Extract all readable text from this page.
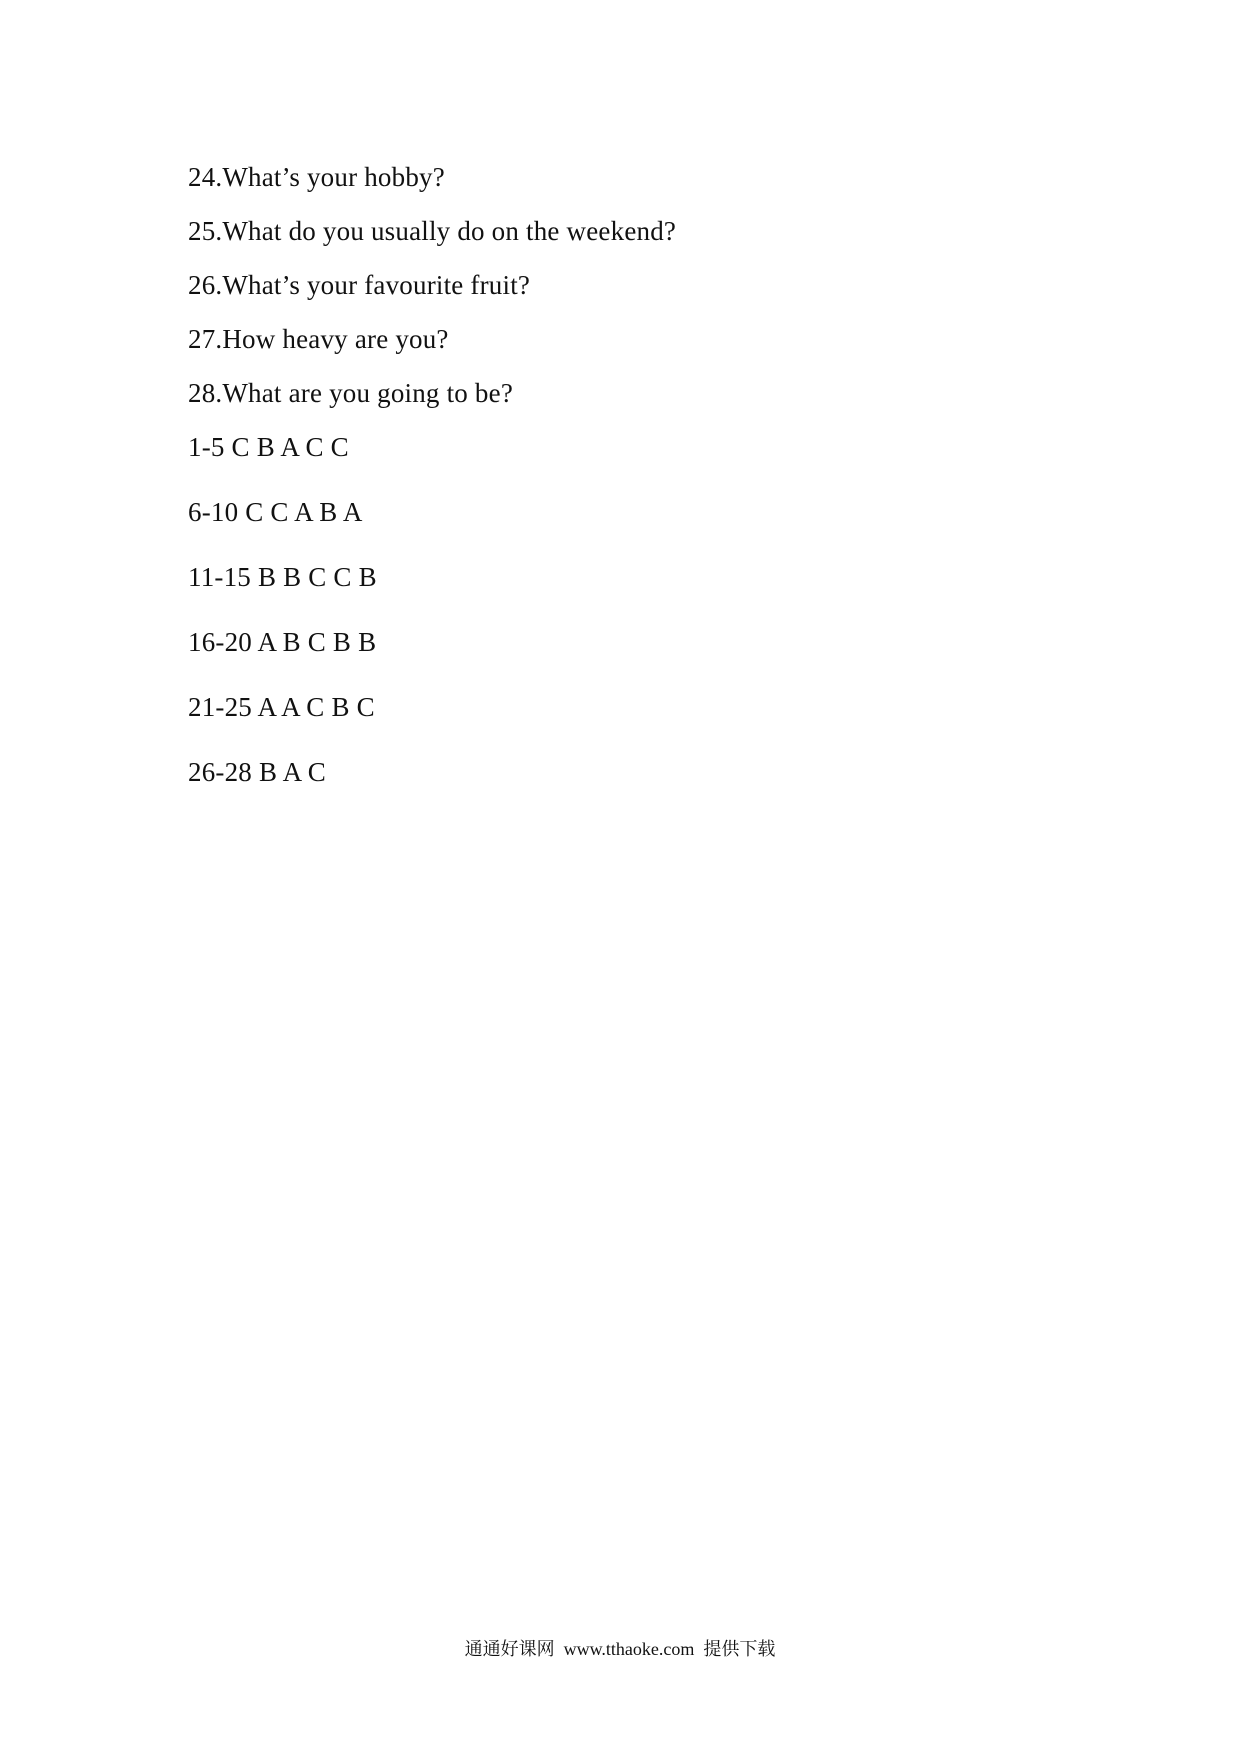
24.What’s your hobby?
25.What do you usually do on the weekend?
26.What’s your favourite fruit?
27.How heavy are you?
28.What are you going to be?
1-5 C B A C C
6-10 C C A B A
11-15 B B C C B
16-20 A B C B B
21-25 A A C B C
26-28 B A C
通通好课网  www.tthaoke.com  提供下载
